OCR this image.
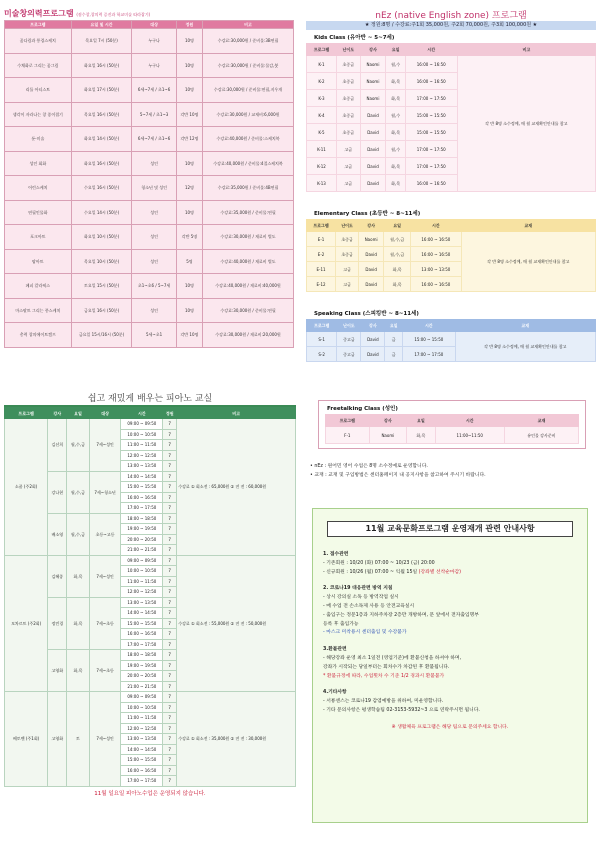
미술창의력프로그램 (점수창,창의력 증진과 학교미술 따라잡기)
프로그램	요일 및 시간	대상	정원	비고
꿈다림과 풍경스케치	목요일 7시 (50분)	누구나	10명	수강료:30,000원 / 준비물:3B연필
수채화로 그리는 꿈그림	화요일 16시 (50분)	누구나	10명	수강료:30,000원 / 준비물:물감,붓
리틀 아티스트	화요일 17시 (50분)	6세~7세 / 초1~6	10명	수강료:30,000원 / 준비물:연필,지우개
생각이 자라나는 창 종이접기	목요일 16시 (50분)	5~7세 / 초1~3	각반 10명	수강료:30,000원 / 교재비:6,000원
툰-미술	화요일 14시 (50분)	6세~7세 / 초1~6	각반 12명	수강료:40,000원 / 준비물:스케치북
성인 회화	화요일 16시 (50분)	성인	10명	수강료:40,000원 / 준비물:4절스케치북
어린스케치	수요일 16시 (50분)	청소년 및 성인	12명	수강료:35,000원 / 준비물:4B연필
연필인물화	수요일 14시 (50분)	성인	10명	수강료:35,000원 / 준비물:연필
포크아트	화요일 10시 (50분)	성인	각반 5명	수강료:30,000원 / 재료비 별도
팝아트	목요일 10시 (50분)	성인	5명	수강료:40,000원 / 재료비 별도
페피 칼라픽스	토요일 15시 (50분)	초1~초6 / 5~7세	10명	수강료:40,000원 / 재료비:40,000원
마스팔트 그리는 풍스케치	금요일 16시 (50분)	성인	10명	수강료:30,000원 / 준비물:연필
총력 창의에이트캠프	금요일 15시/16시 (50분)	5세~초1	각반 10명	수강료:30,000원 / 재료비:20,000원
nEz (native English zone) 프로그램
★ 정원:8명 / 수강료:주1회 35,000원, 주2회 70,000원, 주3회 100,000원 ★
Kids Class (유아반 ~ 5~7세)
프로그램	난이도	강사	요일	시간	비고
K-1	초중급	Naomi	월,수	16:00 ~ 16:50	각 반 8명 소수정예, 매 월 교재확인안내를 참고
K-2	초중급	Naomi	화,목	16:00 ~ 16:50	
K-3	초중급	Naomi	화,목	17:00 ~ 17:50	
K-4	초중급	David	월,수	15:00 ~ 15:50	
K-5	초중급	David	화,목	15:00 ~ 15:50	
K-11	고급	David	월,수	17:00 ~ 17:50	
K-12	고급	David	화,목	17:00 ~ 17:50	
K-13	고급	David	화,목	16:00 ~ 16:50	
Elementary Class (초등반 ~ 8~11세)
프로그램	난이도	강사	요일	시간	교재
E-1	초중급	Naomi	월,수,금	16:00 ~ 16:50	각 반 8명 소수정예, 매 월 교재확인안내를 참고
E-2	초중급	David	월,수,금	16:00 ~ 16:50	
E-11	고급	David	화,목	13:00 ~ 13:50	
E-12	고급	David	화,목	16:00 ~ 16:50	
Speaking Class (스피킹반 ~ 8~11세)
프로그램	난이도	강사	요일	시간	교재
S-1	중고급	David	금	15:00 ~ 15:50	각 반 8명 소수정예, 매 월 교재확인안내를 참고
S-2	중고급	David	금	17:00 ~ 17:50	
Freetalking Class (성인)
프로그램	강사	요일	시간	교재
F-1	Naomi	화,목	11:00~11:50	유인물 강사준비
• nEz : 원어민 영어 수업은 8명 소수정예로 운영합니다.
• 교재 : 교재 및 구입방법은 센터홈페이지 내 공지사항을 참고하여 주시기 바랍니다.
11월 교육문화프로그램 운영재개 관련 안내사항
1. 접수관련
- 기존회원 : 10/20 (화) 07:00 ~ 10/23 (금) 20:00
- 신규회원 : 10/26 (월) 07:00 ~ 익월 15일 (강좌별 선착순마감)
2. 코로나19 대응관련 방역 지침
- 상시 강의실 소독 등 방역작업 실시
- 매 수업 전 손소독제 사용 등 안전교육실시
- 출입구는 정문1층과 지하주차장 2층만 개방하며, 문 앞에서 전자출입명부
등록 후 출입가능
- 마스크 미착용시 센터출입 및 수강불가
3.환불관련
- 해당강좌 운영 최소 1일전 (영업기준)에 환불신청을 하셔야 하며,
강좌가 시작되는 당일부터는 회차수가 차감된 후 환불됩니다.
* 환불규정에 따라, 수업횟차 수 기준 1/2 경과시 환불불가
4.기타사항
- 서룡센스는 코로나19 감염예방을 위하여, 미운영합니다.
- 기타 문의사항은 평생학습팀 02-3153-5932~3 으로 연락주시면 됩니다.
※ 생활체육 프로그램은 해당 팀으로 문의주세요 합니다.
쉽고 재밌게 배우는 피아노 교실
프로그램	강사	요일	대상	시간	정원	비고
소품 (주2회)	김선희	월,수,금	7세~성인	09:00 ~ 09:50	7	수강료 ① 회소전 : 65,000원 ② 전 전 : 60,000원
				10:00 ~ 10:50	7	
				11:00 ~ 11:50	7	
				12:00 ~ 12:50	7	
				13:00 ~ 13:50	7	
	강나현	월,수,금	7세~청소년	14:00 ~ 14:50	7	
				15:00 ~ 15:50	7	
				16:00 ~ 16:50	7	
				17:00 ~ 17:50	7	
	배소영	월,수,금	초등~고등	18:00 ~ 18:50	7	
				19:00 ~ 19:50	7	
				20:00 ~ 20:50	7	
				21:00 ~ 21:50	7	
모차르트 (주2회)	김혜종	화,목	7세~성인	09:00 ~ 09:50	7	수강료 ① 회소전 : 55,000원 ② 전 전 : 50,000원
				10:00 ~ 10:50	7	
				11:00 ~ 11:50	7	
				12:00 ~ 12:50	7	
	정민경	화,목	7세~초등	13:00 ~ 13:50	7	
				14:00 ~ 14:50	7	
				15:00 ~ 15:50	7	
				16:00 ~ 16:50	7	
				17:00 ~ 17:50	7	
	고영화	화,목	7세~초등	18:00 ~ 18:50	7	
				19:00 ~ 19:50	7	
				20:00 ~ 20:50	7	
				21:00 ~ 21:50	7	
베토벤 (주1회)	고영화	토	7세~성인	09:00 ~ 09:50	7	수강료 ① 회소전 : 35,000원 ② 전 전 : 30,000원
				10:00 ~ 10:50	7	
				11:00 ~ 11:50	7	
				12:00 ~ 12:50	7	
				13:00 ~ 13:50	7	
				14:00 ~ 14:50	7	
				15:00 ~ 15:50	7	
				16:00 ~ 16:50	7	
				17:00 ~ 17:50	7	
11월 일요일 피아노수업은 운영되지 않습니다.
